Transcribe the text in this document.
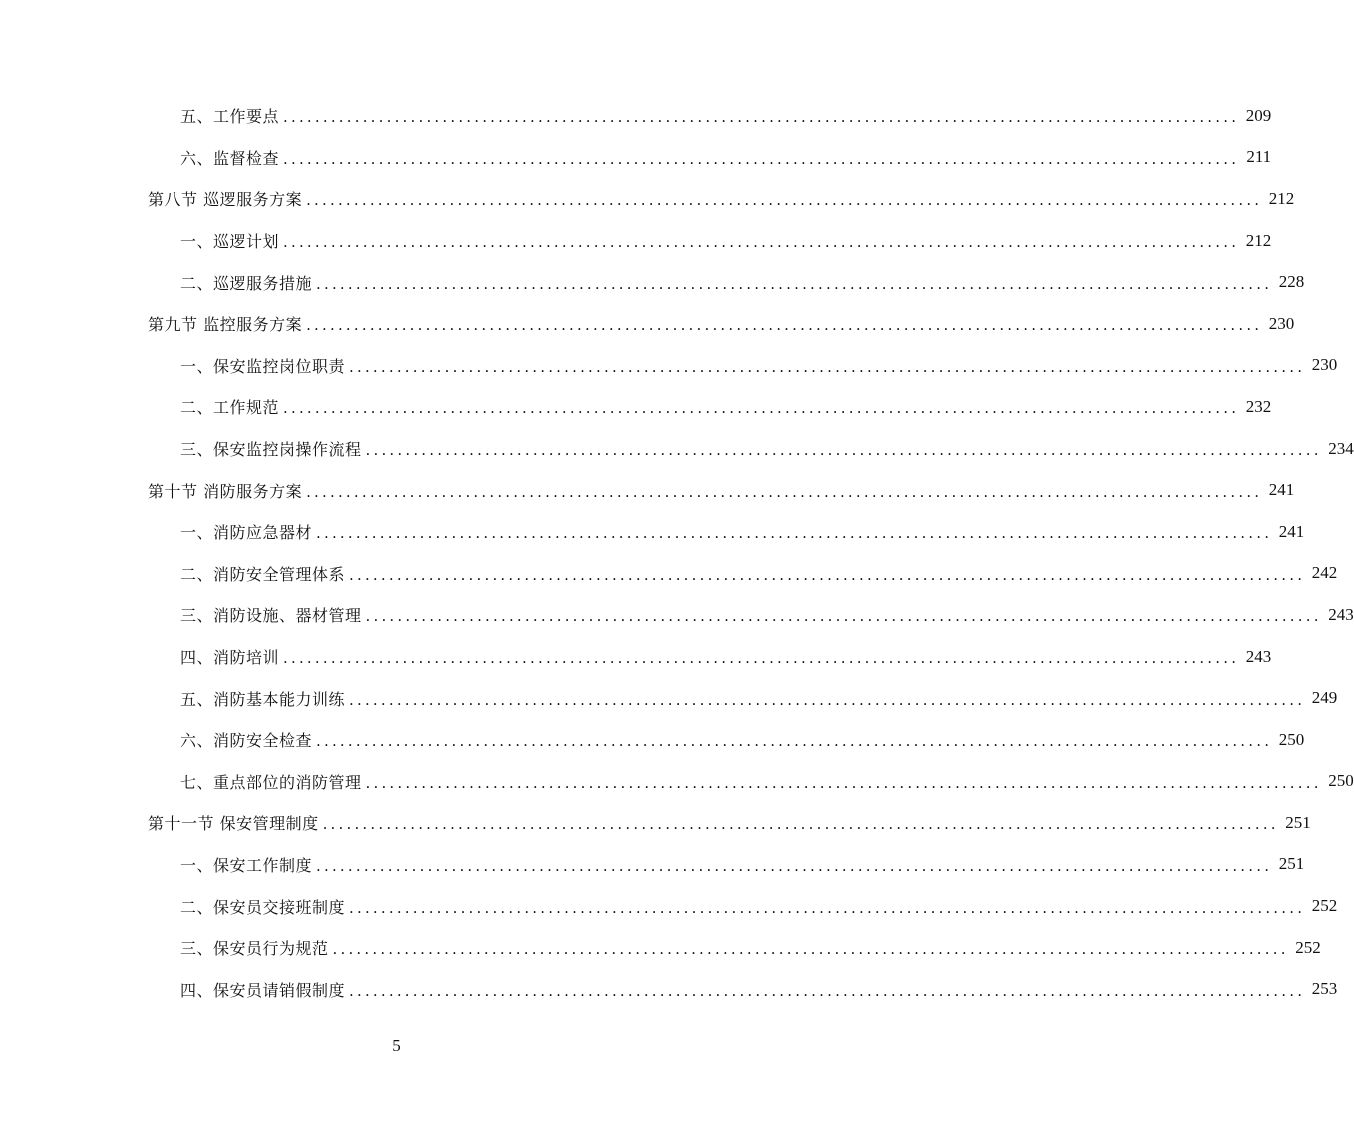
五、工作要点 ........................................................................................................................ 209
六、监督检查 ........................................................................................................................ 211
第八节 巡逻服务方案 ........................................................................................................................ 212
一、巡逻计划 ........................................................................................................................ 212
二、巡逻服务措施 ........................................................................................................................ 228
第九节 监控服务方案 ........................................................................................................................ 230
一、保安监控岗位职责 ........................................................................................................................ 230
二、工作规范 ........................................................................................................................ 232
三、保安监控岗操作流程 ........................................................................................................................ 234
第十节 消防服务方案 ........................................................................................................................ 241
一、消防应急器材 ........................................................................................................................ 241
二、消防安全管理体系 ........................................................................................................................ 242
三、消防设施、器材管理 ........................................................................................................................ 243
四、消防培训 ........................................................................................................................ 243
五、消防基本能力训练 ........................................................................................................................ 249
六、消防安全检查 ........................................................................................................................ 250
七、重点部位的消防管理 ........................................................................................................................ 250
第十一节 保安管理制度 ........................................................................................................................ 251
一、保安工作制度 ........................................................................................................................ 251
二、保安员交接班制度 ........................................................................................................................ 252
三、保安员行为规范 ........................................................................................................................ 252
四、保安员请销假制度 ........................................................................................................................ 253
5
